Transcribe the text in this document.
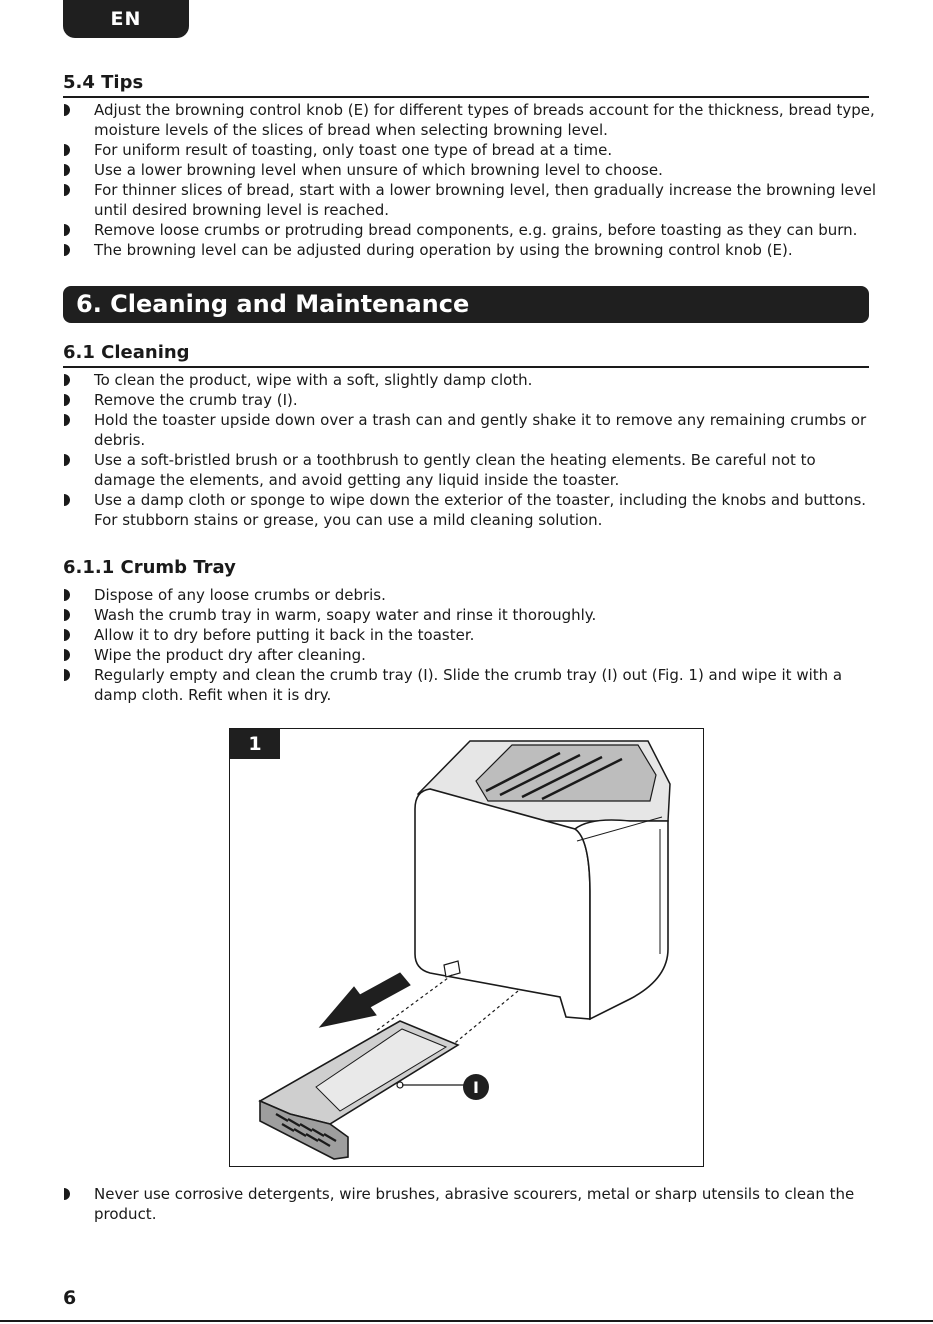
EN
5.4 Tips
Adjust the browning control knob (E) for different types of breads account for the thickness, bread type, moisture levels of the slices of bread when selecting browning level.
For uniform result of toasting, only toast one type of bread at a time.
Use a lower browning level when unsure of which browning level to choose.
For thinner slices of bread, start with a lower browning level, then gradually increase the browning level until desired browning level is reached.
Remove loose crumbs or protruding bread components, e.g. grains, before toasting as they can burn.
The browning level can be adjusted during operation by using the browning control knob (E).
6. Cleaning and Maintenance
6.1 Cleaning
To clean the product, wipe with a soft, slightly damp cloth.
Remove the crumb tray (I).
Hold the toaster upside down over a trash can and gently shake it to remove any remaining crumbs or debris.
Use a soft-bristled brush or a toothbrush to gently clean the heating elements. Be careful not to damage the elements, and avoid getting any liquid inside the toaster.
Use a damp cloth or sponge to wipe down the exterior of the toaster, including the knobs and buttons. For stubborn stains or grease, you can use a mild cleaning solution.
6.1.1 Crumb Tray
Dispose of any loose crumbs or debris.
Wash the crumb tray in warm, soapy water and rinse it thoroughly.
Allow it to dry before putting it back in the toaster.
Wipe the product dry after cleaning.
Regularly empty and clean the crumb tray (I). Slide the crumb tray (I) out (Fig. 1) and wipe it with a damp cloth. Refit when it is dry.
1
I
Never use corrosive detergents, wire brushes, abrasive scourers, metal or sharp utensils to clean the product.
6
